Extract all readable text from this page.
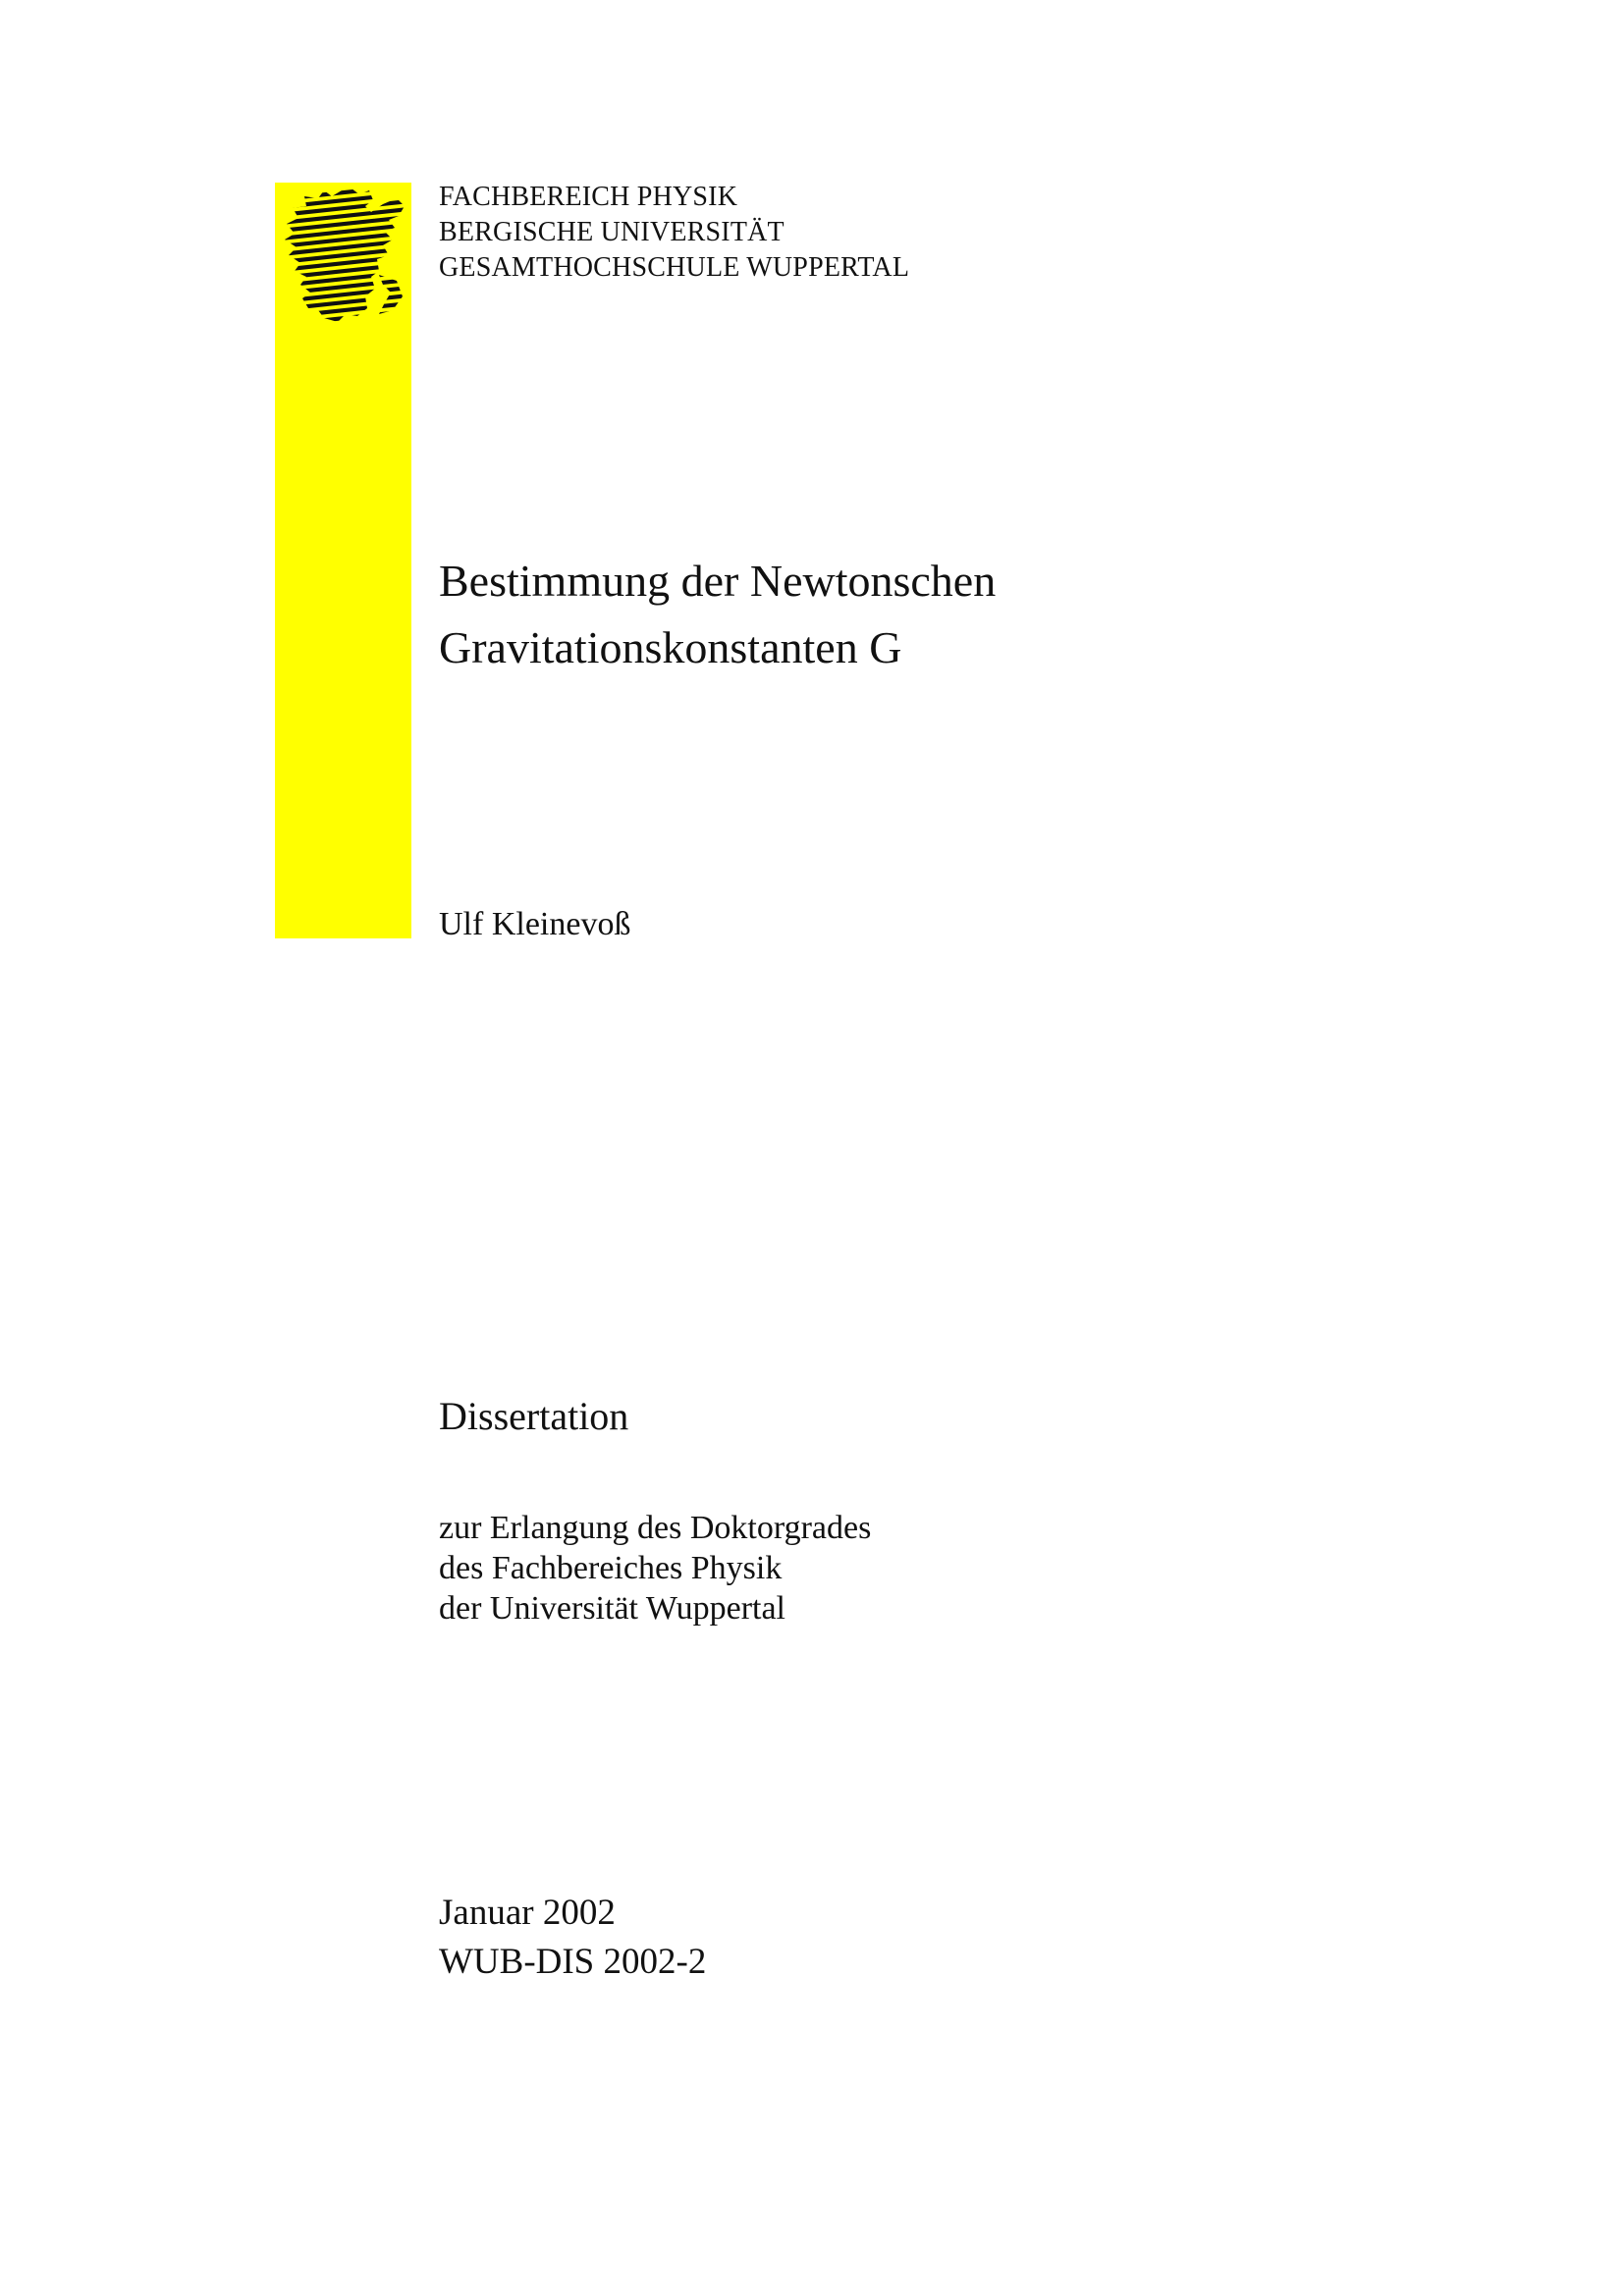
FACHBEREICH PHYSIK
BERGISCHE UNIVERSITÄT
GESAMTHOCHSCHULE WUPPERTAL
Bestimmung der Newtonschen
Gravitationskonstanten G
Ulf Kleinevoß
Dissertation
zur Erlangung des Doktorgrades
des Fachbereiches Physik
der Universität Wuppertal
Januar 2002
WUB-DIS 2002-2
